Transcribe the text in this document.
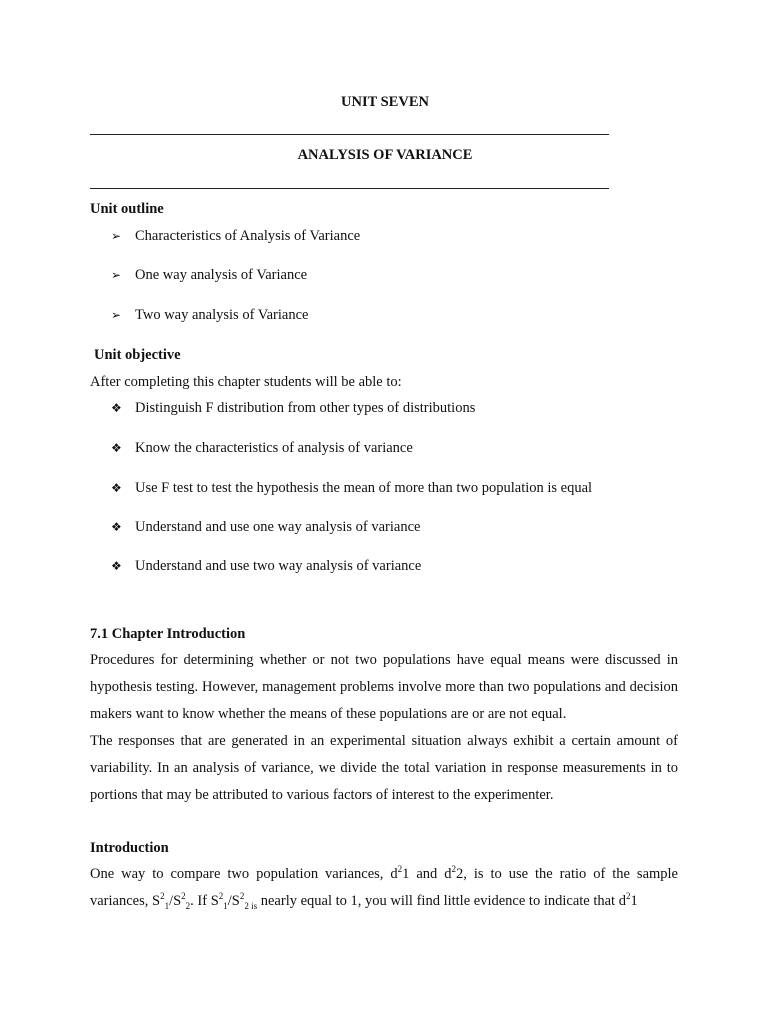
UNIT SEVEN
ANALYSIS OF VARIANCE
Unit outline
➢ Characteristics of Analysis of Variance
➢ One way analysis of Variance
➢ Two way analysis of Variance
Unit objective
After completing this chapter students will be able to:
❖ Distinguish F distribution from other types of distributions
❖ Know the characteristics of analysis of variance
❖ Use F test to test the hypothesis the mean of more than two population is equal
❖ Understand and use one way analysis of variance
❖ Understand and use two way analysis of variance
7.1 Chapter Introduction
Procedures for determining whether or not two populations have equal means were discussed in hypothesis testing. However, management problems involve more than two populations and decision makers want to know whether the means of these populations are or are not equal.
The responses that are generated in an experimental situation always exhibit a certain amount of variability. In an analysis of variance, we divide the total variation in response measurements in to portions that may be attributed to various factors of interest to the experimenter.
Introduction
One way to compare two population variances, $d^21$ and $d^22$, is to use the ratio of the sample variances, $S^2_1/S^2_2$. If $S^2_1/S^2_{2 is}$ nearly equal to 1, you will find little evidence to indicate that $d^21$
